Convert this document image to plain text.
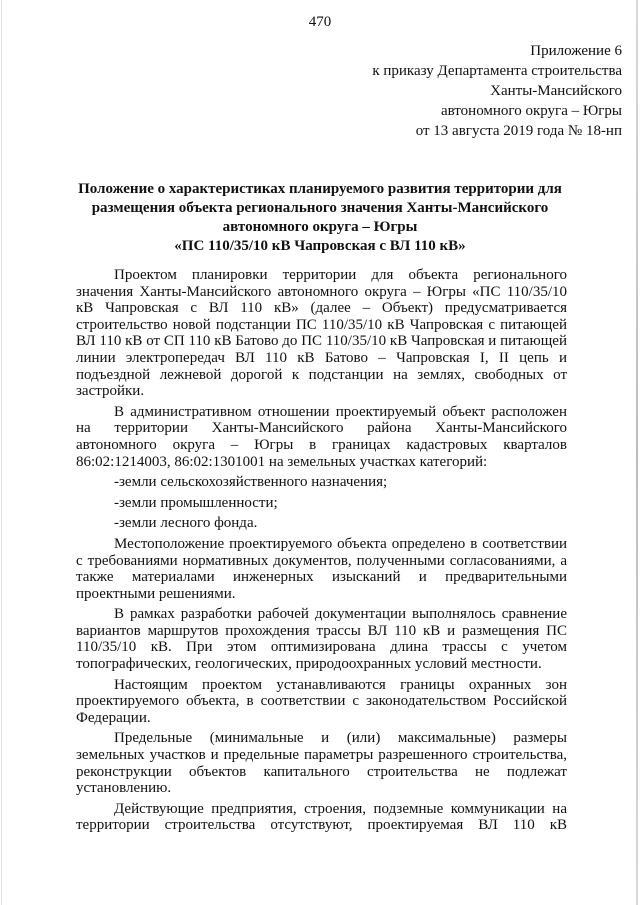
470
Приложение 6
к приказу Департамента строительства
Ханты-Мансийского
автономного округа – Югры
от 13 августа 2019 года № 18-нп
Положение о характеристиках планируемого развития территории для
размещения объекта регионального значения Ханты-Мансийского
автономного округа – Югры
«ПС 110/35/10 кВ Чапровская с ВЛ 110 кВ»
Проектом планировки территории для объекта регионального
значения Ханты-Мансийского автономного округа – Югры «ПС 110/35/10
кВ Чапровская с ВЛ 110 кВ» (далее – Объект) предусматривается
строительство новой подстанции ПС 110/35/10 кВ Чапровская с питающей
ВЛ 110 кВ от СП 110 кВ Батово до ПС 110/35/10 кВ Чапровская и питающей
линии электропередач ВЛ 110 кВ Батово – Чапровская I, II цепь и
подъездной лежневой дорогой к подстанции на землях, свободных от
застройки.
В административном отношении проектируемый объект расположен
на территории Ханты-Мансийского района Ханты-Мансийского
автономного округа – Югры в границах кадастровых кварталов
86:02:1214003, 86:02:1301001 на земельных участках категорий:
-земли сельскохозяйственного назначения;
-земли промышленности;
-земли лесного фонда.
Местоположение проектируемого объекта определено в соответствии
с требованиями нормативных документов, полученными согласованиями, а
также материалами инженерных изысканий и предварительными
проектными решениями.
В рамках разработки рабочей документации выполнялось сравнение
вариантов маршрутов прохождения трассы ВЛ 110 кВ и размещения ПС
110/35/10 кВ. При этом оптимизирована длина трассы с учетом
топографических, геологических, природоохранных условий местности.
Настоящим проектом устанавливаются границы охранных зон
проектируемого объекта, в соответствии с законодательством Российской
Федерации.
Предельные (минимальные и (или) максимальные) размеры
земельных участков и предельные параметры разрешенного строительства,
реконструкции объектов капитального строительства не подлежат
установлению.
Действующие предприятия, строения, подземные коммуникации на
территории строительства отсутствуют, проектируемая ВЛ 110 кВ
